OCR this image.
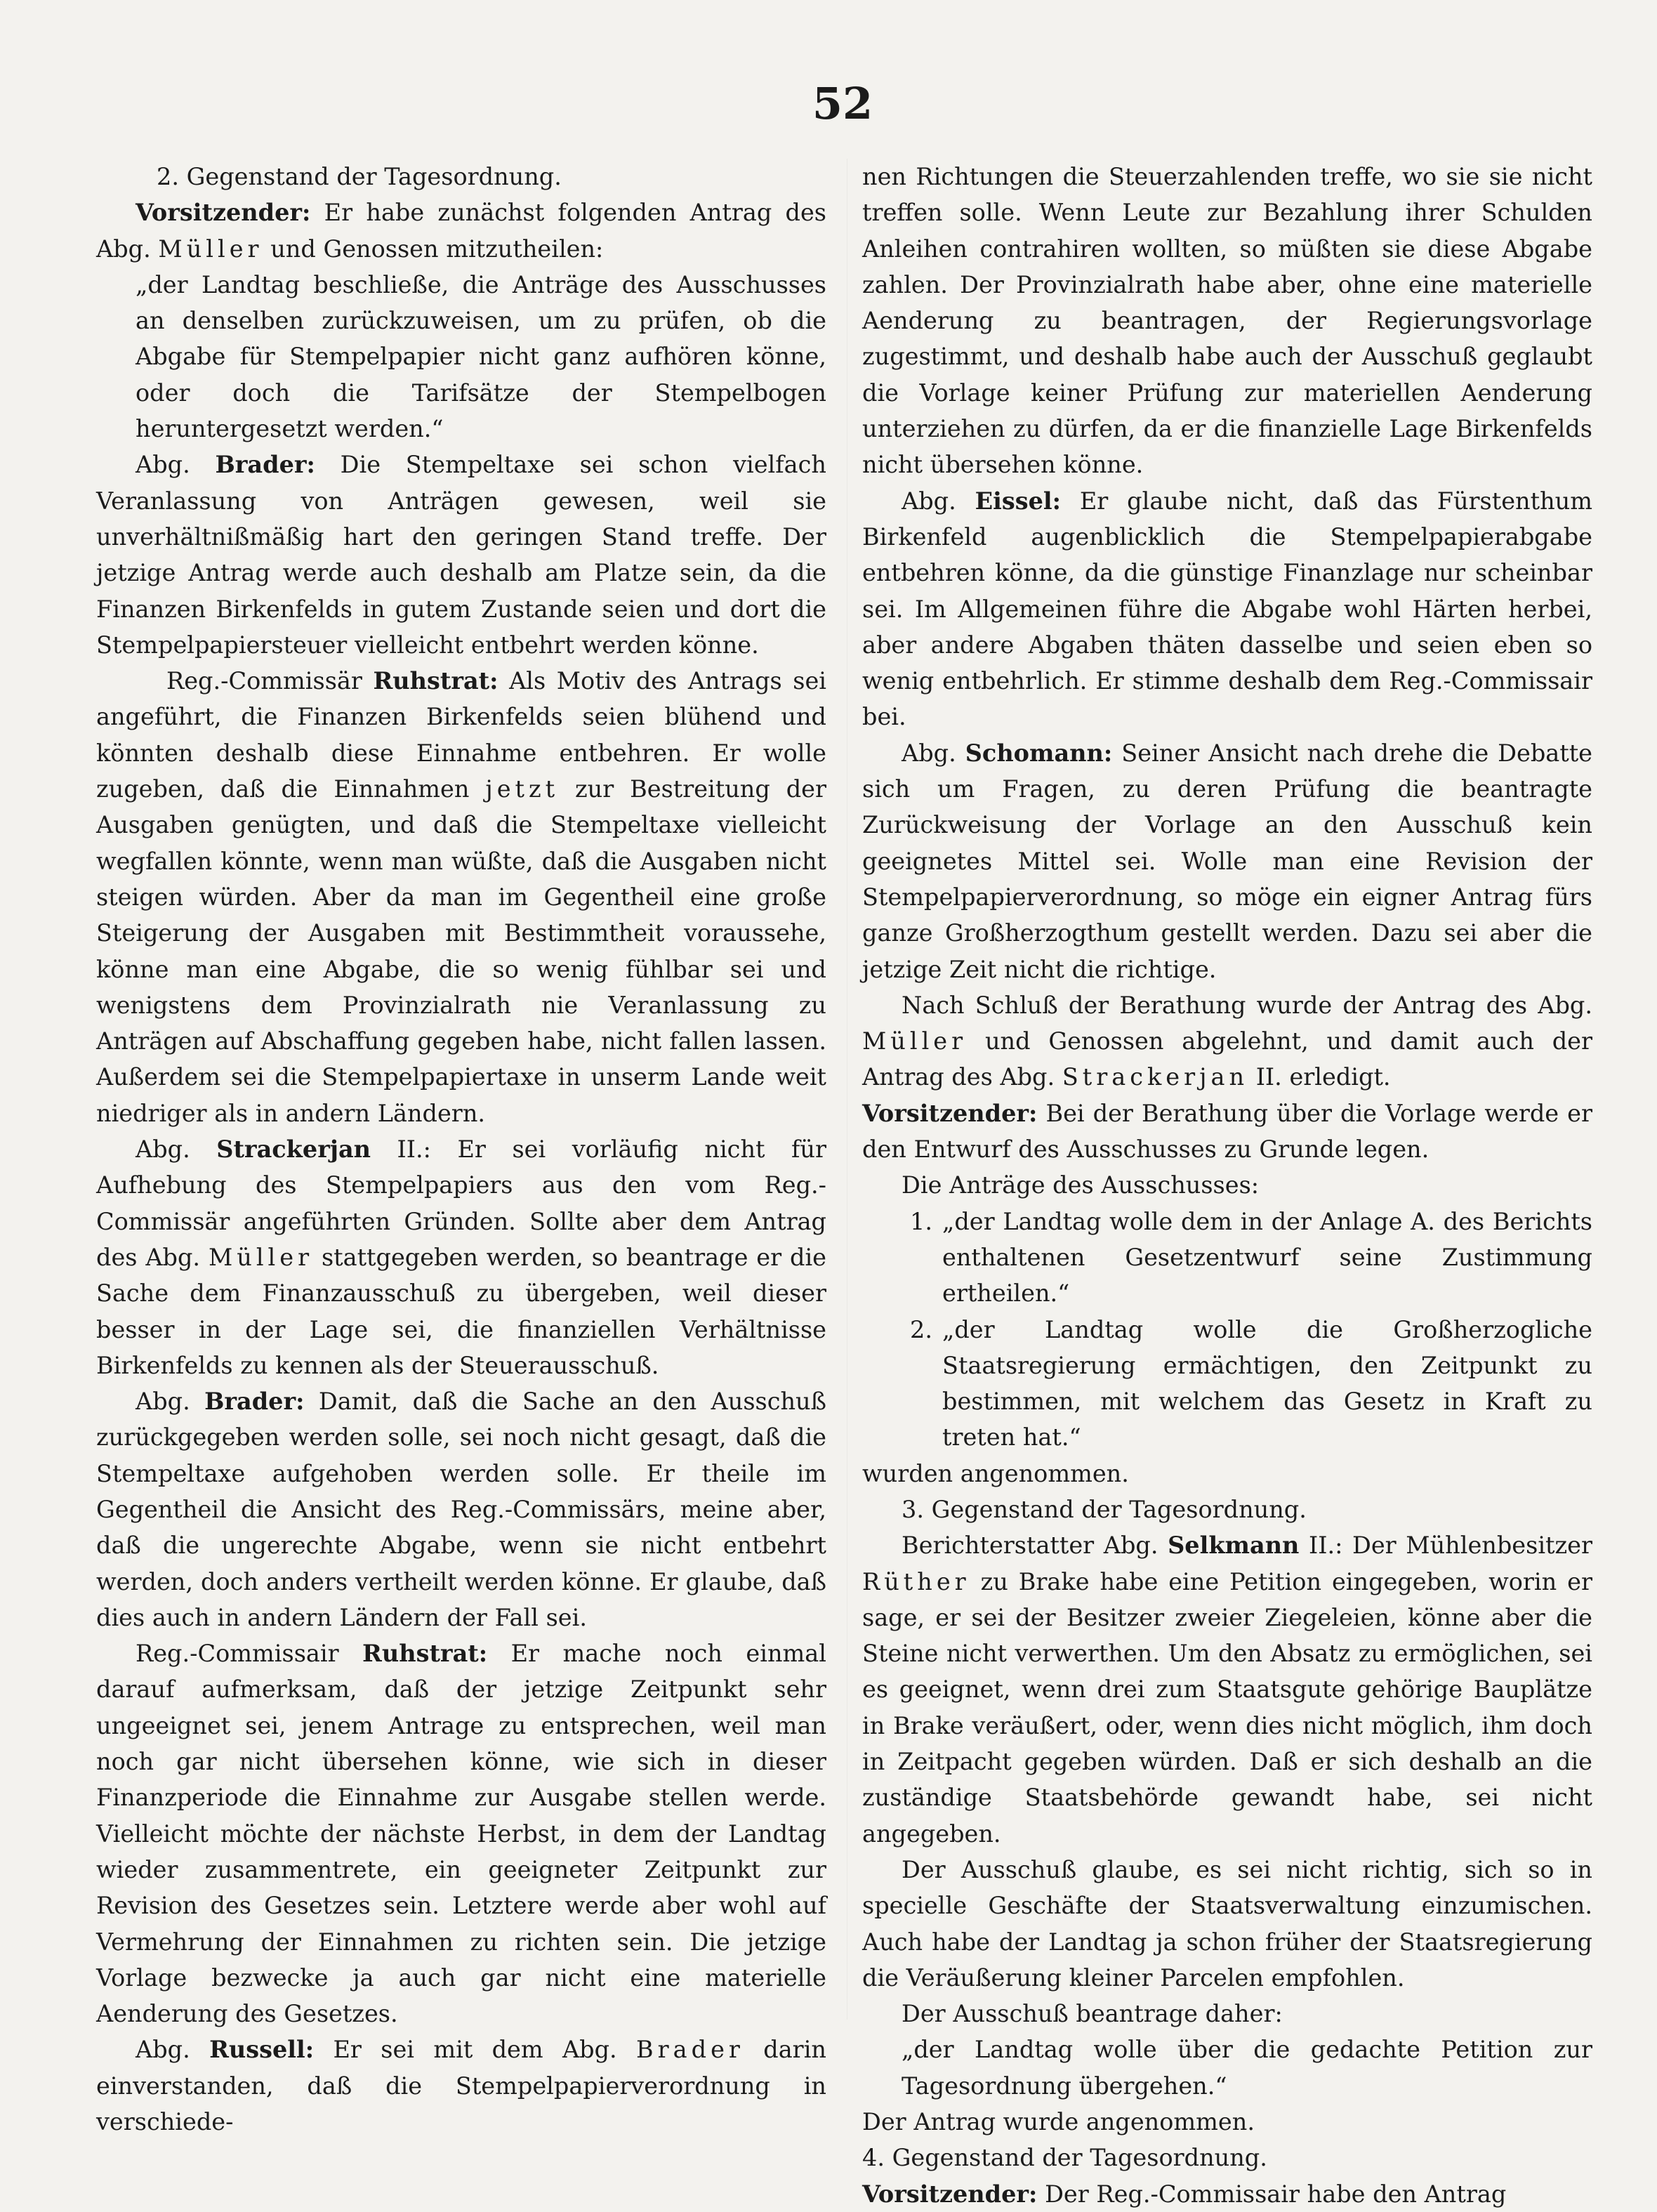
52

2. Gegenstand der Tagesordnung.

Vorsitzender: Er habe zunächst folgenden Antrag des Abg. Müller und Genossen mitzutheilen:

„der Landtag beschließe, die Anträge des Ausschusses an denselben zurückzuweisen, um zu prüfen, ob die Abgabe für Stempelpapier nicht ganz aufhören könne, oder doch die Tarifsätze der Stempelbogen heruntergesetzt werden.“

Abg. Brader: Die Stempeltaxe sei schon vielfach Veranlassung von Anträgen gewesen, weil sie unverhältnißmäßig hart den geringen Stand treffe. Der jetzige Antrag werde auch deshalb am Platze sein, da die Finanzen Birkenfelds in gutem Zustande seien und dort die Stempelpapiersteuer vielleicht entbehrt werden könne.

Reg.-Commissär Ruhstrat: Als Motiv des Antrags sei angeführt, die Finanzen Birkenfelds seien blühend und könnten deshalb diese Einnahme entbehren. Er wolle zugeben, daß die Einnahmen jetzt zur Bestreitung der Ausgaben genügten, und daß die Stempeltaxe vielleicht wegfallen könnte, wenn man wüßte, daß die Ausgaben nicht steigen würden. Aber da man im Gegentheil eine große Steigerung der Ausgaben mit Bestimmtheit voraussehe, könne man eine Abgabe, die so wenig fühlbar sei und wenigstens dem Provinzialrath nie Veranlassung zu Anträgen auf Abschaffung gegeben habe, nicht fallen lassen. Außerdem sei die Stempelpapiertaxe in unserm Lande weit niedriger als in andern Ländern.

Abg. Strackerjan II.: Er sei vorläufig nicht für Aufhebung des Stempelpapiers aus den vom Reg.-Commissär angeführten Gründen. Sollte aber dem Antrag des Abg. Müller stattgegeben werden, so beantrage er die Sache dem Finanzausschuß zu übergeben, weil dieser besser in der Lage sei, die finanziellen Verhältnisse Birkenfelds zu kennen als der Steuerausschuß.

Abg. Brader: Damit, daß die Sache an den Ausschuß zurückgegeben werden solle, sei noch nicht gesagt, daß die Stempeltaxe aufgehoben werden solle. Er theile im Gegentheil die Ansicht des Reg.-Commissärs, meine aber, daß die ungerechte Abgabe, wenn sie nicht entbehrt werden, doch anders vertheilt werden könne. Er glaube, daß dies auch in andern Ländern der Fall sei.

Reg.-Commissair Ruhstrat: Er mache noch einmal darauf aufmerksam, daß der jetzige Zeitpunkt sehr ungeeignet sei, jenem Antrage zu entsprechen, weil man noch gar nicht übersehen könne, wie sich in dieser Finanzperiode die Einnahme zur Ausgabe stellen werde. Vielleicht möchte der nächste Herbst, in dem der Landtag wieder zusammentrete, ein geeigneter Zeitpunkt zur Revision des Gesetzes sein. Letztere werde aber wohl auf Vermehrung der Einnahmen zu richten sein. Die jetzige Vorlage bezwecke ja auch gar nicht eine materielle Aenderung des Gesetzes.

Abg. Russell: Er sei mit dem Abg. Brader darin einverstanden, daß die Stempelpapierverordnung in verschiede-

nen Richtungen die Steuerzahlenden treffe, wo sie sie nicht treffen solle. Wenn Leute zur Bezahlung ihrer Schulden Anleihen contrahiren wollten, so müßten sie diese Abgabe zahlen. Der Provinzialrath habe aber, ohne eine materielle Aenderung zu beantragen, der Regierungsvorlage zugestimmt, und deshalb habe auch der Ausschuß geglaubt die Vorlage keiner Prüfung zur materiellen Aenderung unterziehen zu dürfen, da er die finanzielle Lage Birkenfelds nicht übersehen könne.

Abg. Eissel: Er glaube nicht, daß das Fürstenthum Birkenfeld augenblicklich die Stempelpapierabgabe entbehren könne, da die günstige Finanzlage nur scheinbar sei. Im Allgemeinen führe die Abgabe wohl Härten herbei, aber andere Abgaben thäten dasselbe und seien eben so wenig entbehrlich. Er stimme deshalb dem Reg.-Commissair bei.

Abg. Schomann: Seiner Ansicht nach drehe die Debatte sich um Fragen, zu deren Prüfung die beantragte Zurückweisung der Vorlage an den Ausschuß kein geeignetes Mittel sei. Wolle man eine Revision der Stempelpapierverordnung, so möge ein eigner Antrag fürs ganze Großherzogthum gestellt werden. Dazu sei aber die jetzige Zeit nicht die richtige.

Nach Schluß der Berathung wurde der Antrag des Abg. Müller und Genossen abgelehnt, und damit auch der Antrag des Abg. Strackerjan II. erledigt.

Vorsitzender: Bei der Berathung über die Vorlage werde er den Entwurf des Ausschusses zu Grunde legen.

Die Anträge des Ausschusses:

1. „der Landtag wolle dem in der Anlage A. des Berichts enthaltenen Gesetzentwurf seine Zustimmung ertheilen.“
2. „der Landtag wolle die Großherzogliche Staatsregierung ermächtigen, den Zeitpunkt zu bestimmen, mit welchem das Gesetz in Kraft zu treten hat.“

wurden angenommen.

3. Gegenstand der Tagesordnung.

Berichterstatter Abg. Selkmann II.: Der Mühlenbesitzer Rüther zu Brake habe eine Petition eingegeben, worin er sage, er sei der Besitzer zweier Ziegeleien, könne aber die Steine nicht verwerthen. Um den Absatz zu ermöglichen, sei es geeignet, wenn drei zum Staatsgute gehörige Bauplätze in Brake veräußert, oder, wenn dies nicht möglich, ihm doch in Zeitpacht gegeben würden. Daß er sich deshalb an die zuständige Staatsbehörde gewandt habe, sei nicht angegeben.

Der Ausschuß glaube, es sei nicht richtig, sich so in specielle Geschäfte der Staatsverwaltung einzumischen. Auch habe der Landtag ja schon früher der Staatsregierung die Veräußerung kleiner Parcelen empfohlen.

Der Ausschuß beantrage daher:

„der Landtag wolle über die gedachte Petition zur Tagesordnung übergehen.“

Der Antrag wurde angenommen.

4. Gegenstand der Tagesordnung.

Vorsitzender: Der Reg.-Commissair habe den Antrag
